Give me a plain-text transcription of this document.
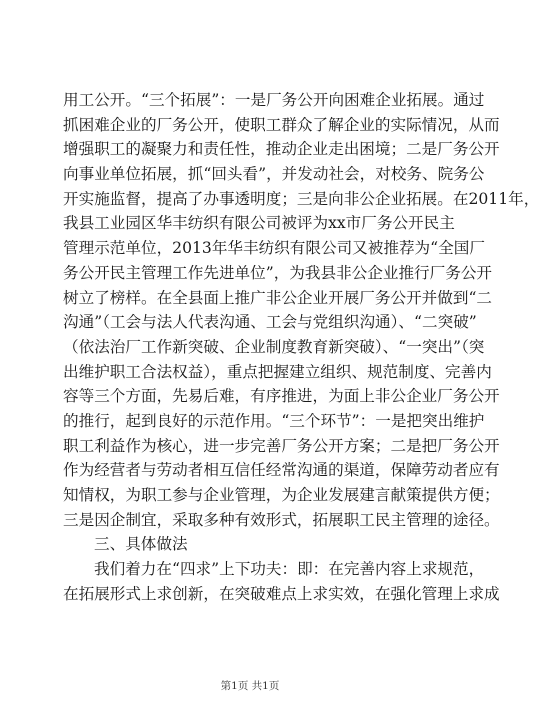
用工公开。“三个拓展”：一是厂务公开向困难企业拓展。通过
抓困难企业的厂务公开，使职工群众了解企业的实际情况，从而
增强职工的凝聚力和责任性，推动企业走出困境；二是厂务公开
向事业单位拓展，抓“回头看”，并发动社会，对校务、院务公
开实施监督，提高了办事透明度；三是向非公企业拓展。在2011年，
我县工业园区华丰纺织有限公司被评为xx市厂务公开民主
管理示范单位，2013年华丰纺织有限公司又被推荐为“全国厂
务公开民主管理工作先进单位”，为我县非公企业推行厂务公开
树立了榜样。在全县面上推广非公企业开展厂务公开并做到“二
沟通”（工会与法人代表沟通、工会与党组织沟通）、“二突破”
（依法治厂工作新突破、企业制度教育新突破）、“一突出”（突
出维护职工合法权益），重点把握建立组织、规范制度、完善内
容等三个方面，先易后难，有序推进，为面上非公企业厂务公开
的推行，起到良好的示范作用。“三个环节”：一是把突出维护
职工利益作为核心，进一步完善厂务公开方案；二是把厂务公开
作为经营者与劳动者相互信任经常沟通的渠道，保障劳动者应有
知情权，为职工参与企业管理，为企业发展建言献策提供方便；
三是因企制宜，采取多种有效形式，拓展职工民主管理的途径。
三、具体做法
我们着力在“四求”上下功夫：即：在完善内容上求规范，
在拓展形式上求创新，在突破难点上求实效，在强化管理上求成
第1页 共1页
